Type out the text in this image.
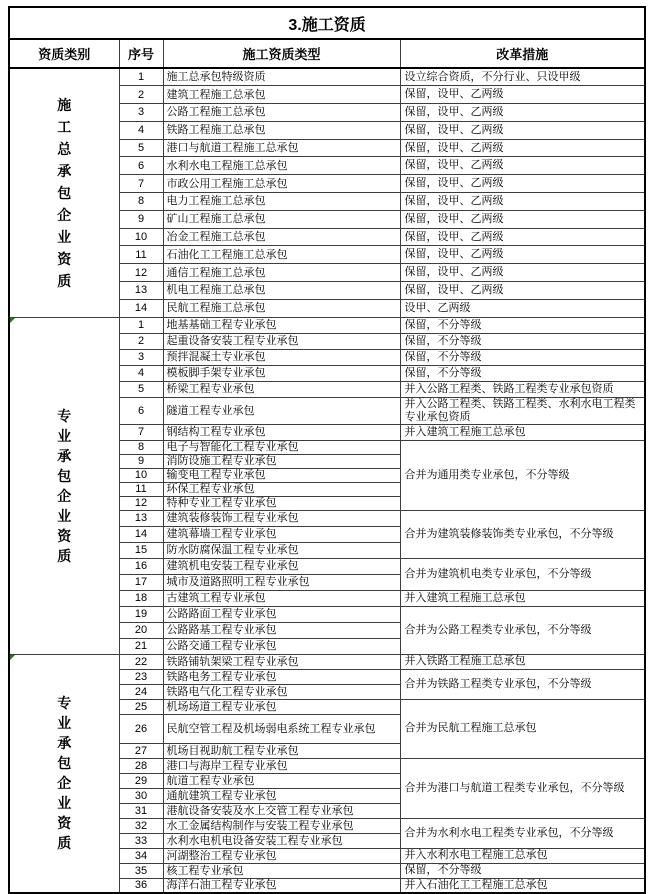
3.施工资质			
资质类别	序号	施工资质类型	改革措施

施工总承包企业资质	1	施工总承包特级资质	设立综合资质，不分行业、只设甲级
	2	建筑工程施工总承包	保留，设甲、乙两级
	3	公路工程施工总承包	保留，设甲、乙两级
	4	铁路工程施工总承包	保留，设甲、乙两级
	5	港口与航道工程施工总承包	保留，设甲、乙两级
	6	水利水电工程施工总承包	保留，设甲、乙两级
	7	市政公用工程施工总承包	保留，设甲、乙两级
	8	电力工程施工总承包	保留，设甲、乙两级
	9	矿山工程施工总承包	保留，设甲、乙两级
	10	冶金工程施工总承包	保留，设甲、乙两级
	11	石油化工工程施工总承包	保留，设甲、乙两级
	12	通信工程施工总承包	保留，设甲、乙两级
	13	机电工程施工总承包	保留，设甲、乙两级
	14	民航工程施工总承包	设甲、乙两级

专业承包企业资质	1	地基基础工程专业承包	保留，不分等级
	2	起重设备安装工程专业承包	保留，不分等级
	3	预拌混凝土专业承包	保留，不分等级
	4	模板脚手架专业承包	保留，不分等级
	5	桥梁工程专业承包	并入公路工程类、铁路工程类专业承包资质
	6	隧道工程专业承包	并入公路工程类、铁路工程类、水利水电工程类专业承包资质
	7	钢结构工程专业承包	并入建筑工程施工总承包
	8	电子与智能化工程专业承包	合并为通用类专业承包，不分等级
	9	消防设施工程专业承包	
	10	输变电工程专业承包	
	11	环保工程专业承包	
	12	特种专业工程专业承包	
	13	建筑装修装饰工程专业承包	合并为建筑装修装饰类专业承包，不分等级
	14	建筑幕墙工程专业承包	
	15	防水防腐保温工程专业承包	
	16	建筑机电安装工程专业承包	合并为建筑机电类专业承包，不分等级
	17	城市及道路照明工程专业承包	
	18	古建筑工程专业承包	并入建筑工程施工总承包
	19	公路路面工程专业承包	合并为公路工程类专业承包，不分等级
	20	公路路基工程专业承包	
	21	公路交通工程专业承包	

专业承包企业资质	22	铁路铺轨架梁工程专业承包	并入铁路工程施工总承包
	23	铁路电务工程专业承包	合并为铁路工程类专业承包，不分等级
	24	铁路电气化工程专业承包	
	25	机场场道工程专业承包	合并为民航工程施工总承包
	26	民航空管工程及机场弱电系统工程专业承包	
	27	机场目视助航工程专业承包	
	28	港口与海岸工程专业承包	合并为港口与航道工程类专业承包，不分等级
	29	航道工程专业承包	
	30	通航建筑工程专业承包	
	31	港航设备安装及水上交管工程专业承包	
	32	水工金属结构制作与安装工程专业承包	合并为水利水电工程类专业承包，不分等级
	33	水利水电机电设备安装工程专业承包	
	34	河湖整治工程专业承包	并入水利水电工程施工总承包
	35	核工程专业承包	保留，不分等级
	36	海洋石油工程专业承包	并入石油化工工程施工总承包
